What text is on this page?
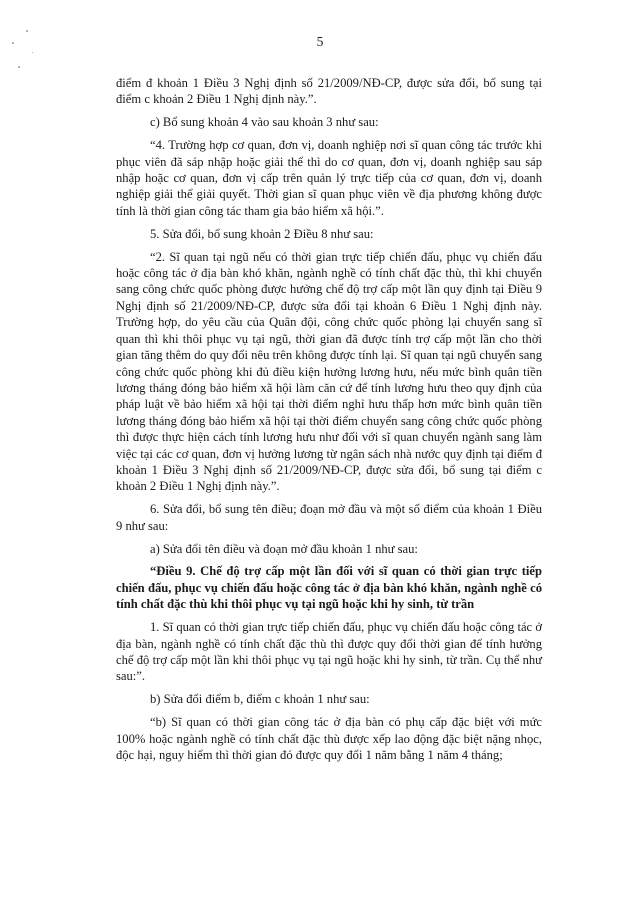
5

điểm đ khoản 1 Điều 3 Nghị định số 21/2009/NĐ-CP, được sửa đổi, bổ sung tại điểm c khoản 2 Điều 1 Nghị định này.”.

c) Bổ sung khoản 4 vào sau khoản 3 như sau:

“4. Trường hợp cơ quan, đơn vị, doanh nghiệp nơi sĩ quan công tác trước khi phục viên đã sáp nhập hoặc giải thể thì do cơ quan, đơn vị, doanh nghiệp sau sáp nhập hoặc cơ quan, đơn vị cấp trên quản lý trực tiếp của cơ quan, đơn vị, doanh nghiệp giải thể giải quyết. Thời gian sĩ quan phục viên về địa phương không được tính là thời gian công tác tham gia bảo hiểm xã hội.”.

5. Sửa đổi, bổ sung khoản 2 Điều 8 như sau:

“2. Sĩ quan tại ngũ nếu có thời gian trực tiếp chiến đấu, phục vụ chiến đấu hoặc công tác ở địa bàn khó khăn, ngành nghề có tính chất đặc thù, thì khi chuyển sang công chức quốc phòng được hưởng chế độ trợ cấp một lần quy định tại Điều 9 Nghị định số 21/2009/NĐ-CP, được sửa đổi tại khoản 6 Điều 1 Nghị định này. Trường hợp, do yêu cầu của Quân đội, công chức quốc phòng lại chuyển sang sĩ quan thì khi thôi phục vụ tại ngũ, thời gian đã được tính trợ cấp một lần cho thời gian tăng thêm do quy đổi nêu trên không được tính lại. Sĩ quan tại ngũ chuyển sang công chức quốc phòng khi đủ điều kiện hưởng lương hưu, nếu mức bình quân tiền lương tháng đóng bảo hiểm xã hội làm căn cứ để tính lương hưu theo quy định của pháp luật về bảo hiểm xã hội tại thời điểm nghỉ hưu thấp hơn mức bình quân tiền lương tháng đóng bảo hiểm xã hội tại thời điểm chuyển sang công chức quốc phòng thì được thực hiện cách tính lương hưu như đối với sĩ quan chuyển ngành sang làm việc tại các cơ quan, đơn vị hưởng lương từ ngân sách nhà nước quy định tại điểm đ khoản 1 Điều 3 Nghị định số 21/2009/NĐ-CP, được sửa đổi, bổ sung tại điểm c khoản 2 Điều 1 Nghị định này.”.

6. Sửa đổi, bổ sung tên điều; đoạn mở đầu và một số điểm của khoản 1 Điều 9 như sau:

a) Sửa đổi tên điều và đoạn mở đầu khoản 1 như sau:

“Điều 9. Chế độ trợ cấp một lần đối với sĩ quan có thời gian trực tiếp chiến đấu, phục vụ chiến đấu hoặc công tác ở địa bàn khó khăn, ngành nghề có tính chất đặc thù khi thôi phục vụ tại ngũ hoặc khi hy sinh, từ trần

1. Sĩ quan có thời gian trực tiếp chiến đấu, phục vụ chiến đấu hoặc công tác ở địa bàn, ngành nghề có tính chất đặc thù thì được quy đổi thời gian để tính hưởng chế độ trợ cấp một lần khi thôi phục vụ tại ngũ hoặc khi hy sinh, từ trần. Cụ thể như sau:”.

b) Sửa đổi điểm b, điểm c khoản 1 như sau:

“b) Sĩ quan có thời gian công tác ở địa bàn có phụ cấp đặc biệt với mức 100% hoặc ngành nghề có tính chất đặc thù được xếp lao động đặc biệt nặng nhọc, độc hại, nguy hiểm thì thời gian đó được quy đổi 1 năm bằng 1 năm 4 tháng;
